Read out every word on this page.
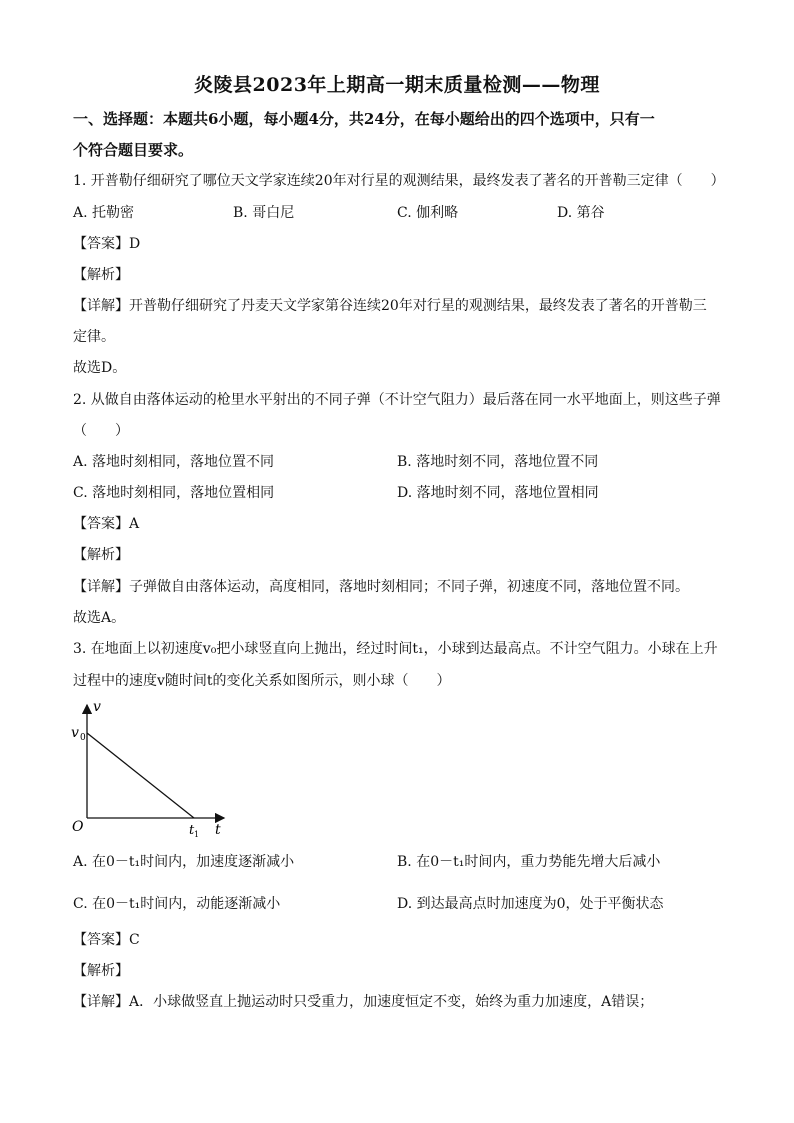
炎陵县2023年上期高一期末质量检测——物理
一、选择题：本题共6小题，每小题4分，共24分，在每小题给出的四个选项中，只有一
个符合题目要求。
1. 开普勒仔细研究了哪位天文学家连续20年对行星的观测结果，最终发表了著名的开普勒三定律（　　）
A. 托勒密	B. 哥白尼	C. 伽利略	D. 第谷
【答案】D
【解析】
【详解】开普勒仔细研究了丹麦天文学家第谷连续20年对行星的观测结果，最终发表了著名的开普勒三
定律。
故选D。
2. 从做自由落体运动的枪里水平射出的不同子弹（不计空气阻力）最后落在同一水平地面上，则这些子弹
（　　）
A. 落地时刻相同，落地位置不同	B. 落地时刻不同，落地位置不同
C. 落地时刻相同，落地位置相同	D. 落地时刻不同，落地位置相同
【答案】A
【解析】
【详解】子弹做自由落体运动，高度相同，落地时刻相同；不同子弹，初速度不同，落地位置不同。
故选A。
3. 在地面上以初速度v₀把小球竖直向上抛出，经过时间t₁，小球到达最高点。不计空气阻力。小球在上升
过程中的速度v随时间t的变化关系如图所示，则小球（　　）
v
v 0
O	t 1 t
A. 在0－t₁时间内，加速度逐渐减小	B. 在0－t₁时间内，重力势能先增大后减小
C. 在0－t₁时间内，动能逐渐减小	D. 到达最高点时加速度为0，处于平衡状态
【答案】C
【解析】
【详解】A．小球做竖直上抛运动时只受重力，加速度恒定不变，始终为重力加速度，A错误；
